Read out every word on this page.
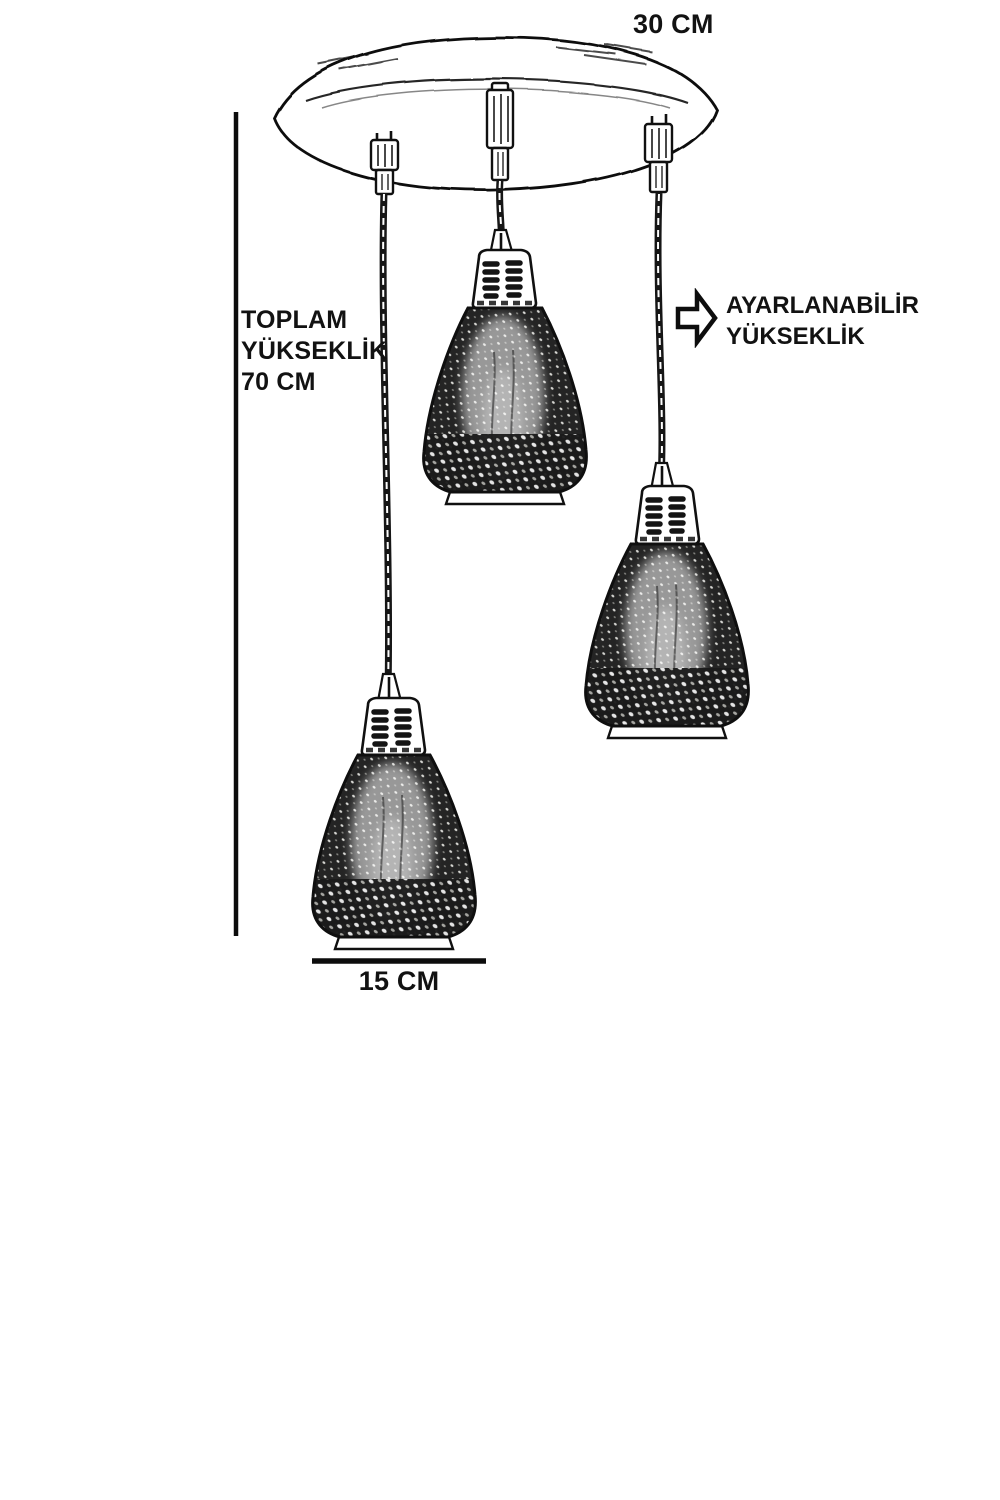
30 CM
TOPLAM
YÜKSEKLİK
70 CM
AYARLANABİLİR
YÜKSEKLİK
15 CM
